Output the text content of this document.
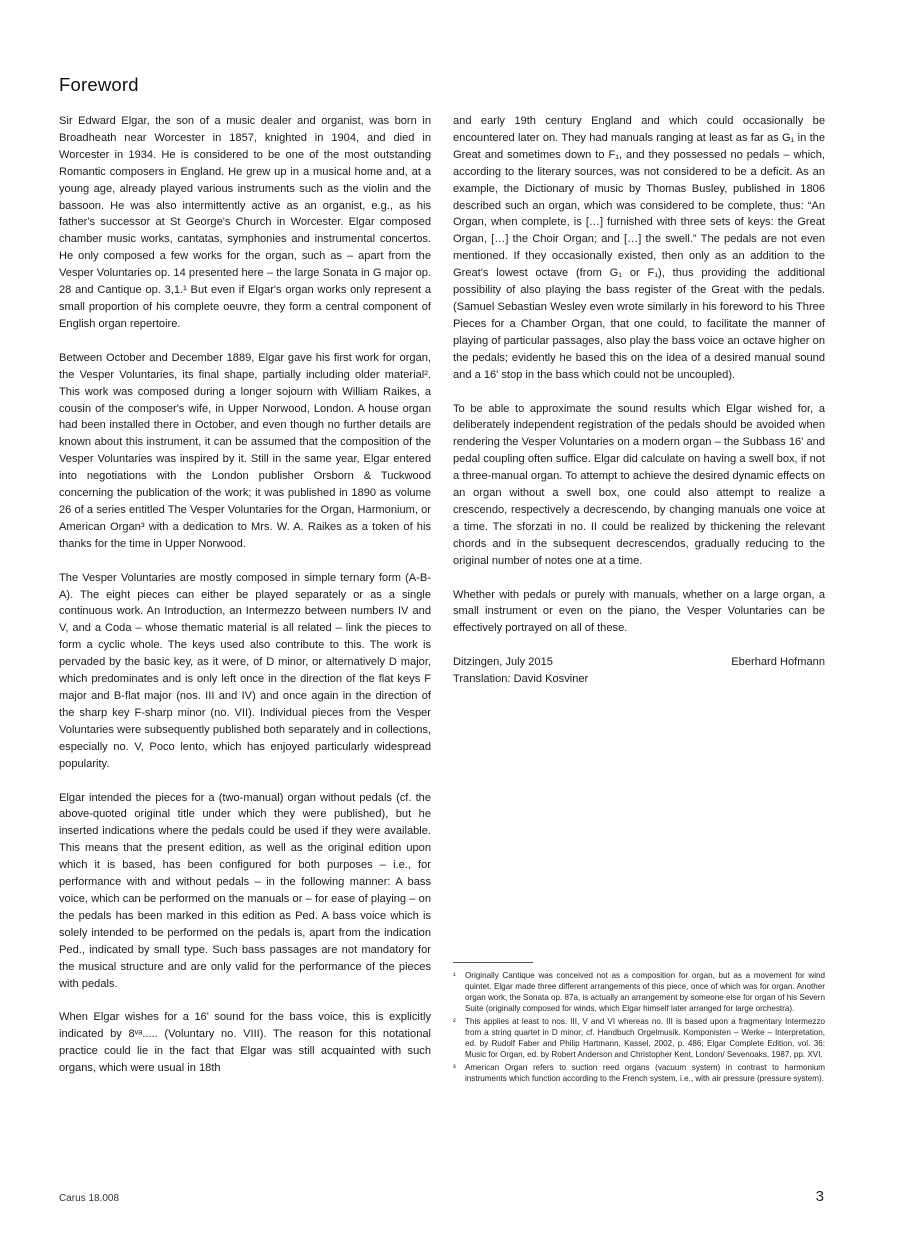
Foreword

Sir Edward Elgar, the son of a music dealer and organist, was born in Broadheath near Worcester in 1857, knighted in 1904, and died in Worcester in 1934. He is considered to be one of the most outstanding Romantic composers in England. He grew up in a musical home and, at a young age, already played various instruments such as the violin and the bassoon. He was also intermittently active as an organist, e.g., as his father's successor at St George's Church in Worcester. Elgar composed chamber music works, cantatas, symphonies and instrumental concertos. He only composed a few works for the organ, such as – apart from the Vesper Voluntaries op. 14 presented here – the large Sonata in G major op. 28 and Cantique op. 3,1.¹ But even if Elgar's organ works only represent a small proportion of his complete oeuvre, they form a central component of English organ repertoire.

Between October and December 1889, Elgar gave his first work for organ, the Vesper Voluntaries, its final shape, partially including older material². This work was composed during a longer sojourn with William Raikes, a cousin of the composer's wife, in Upper Norwood, London. A house organ had been installed there in October, and even though no further details are known about this instrument, it can be assumed that the composition of the Vesper Voluntaries was inspired by it. Still in the same year, Elgar entered into negotiations with the London publisher Orsborn & Tuckwood concerning the publication of the work; it was published in 1890 as volume 26 of a series entitled The Vesper Voluntaries for the Organ, Harmonium, or American Organ³ with a dedication to Mrs. W. A. Raikes as a token of his thanks for the time in Upper Norwood.

The Vesper Voluntaries are mostly composed in simple ternary form (A-B-A). The eight pieces can either be played separately or as a single continuous work. An Introduction, an Intermezzo between numbers IV and V, and a Coda – whose thematic material is all related – link the pieces to form a cyclic whole. The keys used also contribute to this. The work is pervaded by the basic key, as it were, of D minor, or alternatively D major, which predominates and is only left once in the direction of the flat keys F major and B-flat major (nos. III and IV) and once again in the direction of the sharp key F-sharp minor (no. VII). Individual pieces from the Vesper Voluntaries were subsequently published both separately and in collections, especially no. V, Poco lento, which has enjoyed particularly widespread popularity.

Elgar intended the pieces for a (two-manual) organ without pedals (cf. the above-quoted original title under which they were published), but he inserted indications where the pedals could be used if they were available. This means that the present edition, as well as the original edition upon which it is based, has been configured for both purposes – i.e., for performance with and without pedals – in the following manner: A bass voice, which can be performed on the manuals or – for ease of playing – on the pedals has been marked in this edition as Ped. A bass voice which is solely intended to be performed on the pedals is, apart from the indication Ped., indicated by small type. Such bass passages are not mandatory for the musical structure and are only valid for the performance of the pieces with pedals.

When Elgar wishes for a 16' sound for the bass voice, this is explicitly indicated by 8ᵛᵃ..... (Voluntary no. VIII). The reason for this notational practice could lie in the fact that Elgar was still acquainted with such organs, which were usual in 18th

and early 19th century England and which could occasionally be encountered later on. They had manuals ranging at least as far as G₁ in the Great and sometimes down to F₁, and they possessed no pedals – which, according to the literary sources, was not considered to be a deficit. As an example, the Dictionary of music by Thomas Busley, published in 1806 described such an organ, which was considered to be complete, thus: “An Organ, when complete, is […] furnished with three sets of keys: the Great Organ, […] the Choir Organ; and […] the swell.” The pedals are not even mentioned. If they occasionally existed, then only as an addition to the Great's lowest octave (from G₁ or F₁), thus providing the additional possibility of also playing the bass register of the Great with the pedals. (Samuel Sebastian Wesley even wrote similarly in his foreword to his Three Pieces for a Chamber Organ, that one could, to facilitate the manner of playing of particular passages, also play the bass voice an octave higher on the pedals; evidently he based this on the idea of a desired manual sound and a 16' stop in the bass which could not be uncoupled).

To be able to approximate the sound results which Elgar wished for, a deliberately independent registration of the pedals should be avoided when rendering the Vesper Voluntaries on a modern organ – the Subbass 16' and pedal coupling often suffice. Elgar did calculate on having a swell box, if not a three-manual organ. To attempt to achieve the desired dynamic effects on an organ without a swell box, one could also attempt to realize a crescendo, respectively a decrescendo, by changing manuals one voice at a time. The sforzati in no. II could be realized by thickening the relevant chords and in the subsequent decrescendos, gradually reducing to the original number of notes one at a time.

Whether with pedals or purely with manuals, whether on a large organ, a small instrument or even on the piano, the Vesper Voluntaries can be effectively portrayed on all of these.

Ditzingen, July 2015	Eberhard Hofmann
Translation: David Kosviner
¹	Originally Cantique was conceived not as a composition for organ, but as a movement for wind quintet. Elgar made three different arrangements of this piece, once of which was for organ. Another organ work, the Sonata op. 87a, is actually an arrangement by someone else for organ of his Severn Suite (originally composed for winds, which Elgar himself later arranged for large orchestra).
²	This applies at least to nos. III, V and VI whereas no. III is based upon a fragmentary Intermezzo from a string quartet in D minor; cf. Handbuch Orgelmusik. Komponisten – Werke – Interpretation, ed. by Rudolf Faber and Philip Hartmann, Kassel, 2002, p. 486; Elgar Complete Edition, vol. 36: Music for Organ, ed. by Robert Anderson and Christopher Kent, London/ Sevenoaks, 1987, pp. XVI.
³	American Organ refers to suction reed organs (vacuum system) in contrast to harmonium instruments which function according to the French system, i.e., with air pressure (pressure system).
Carus 18.008	3
